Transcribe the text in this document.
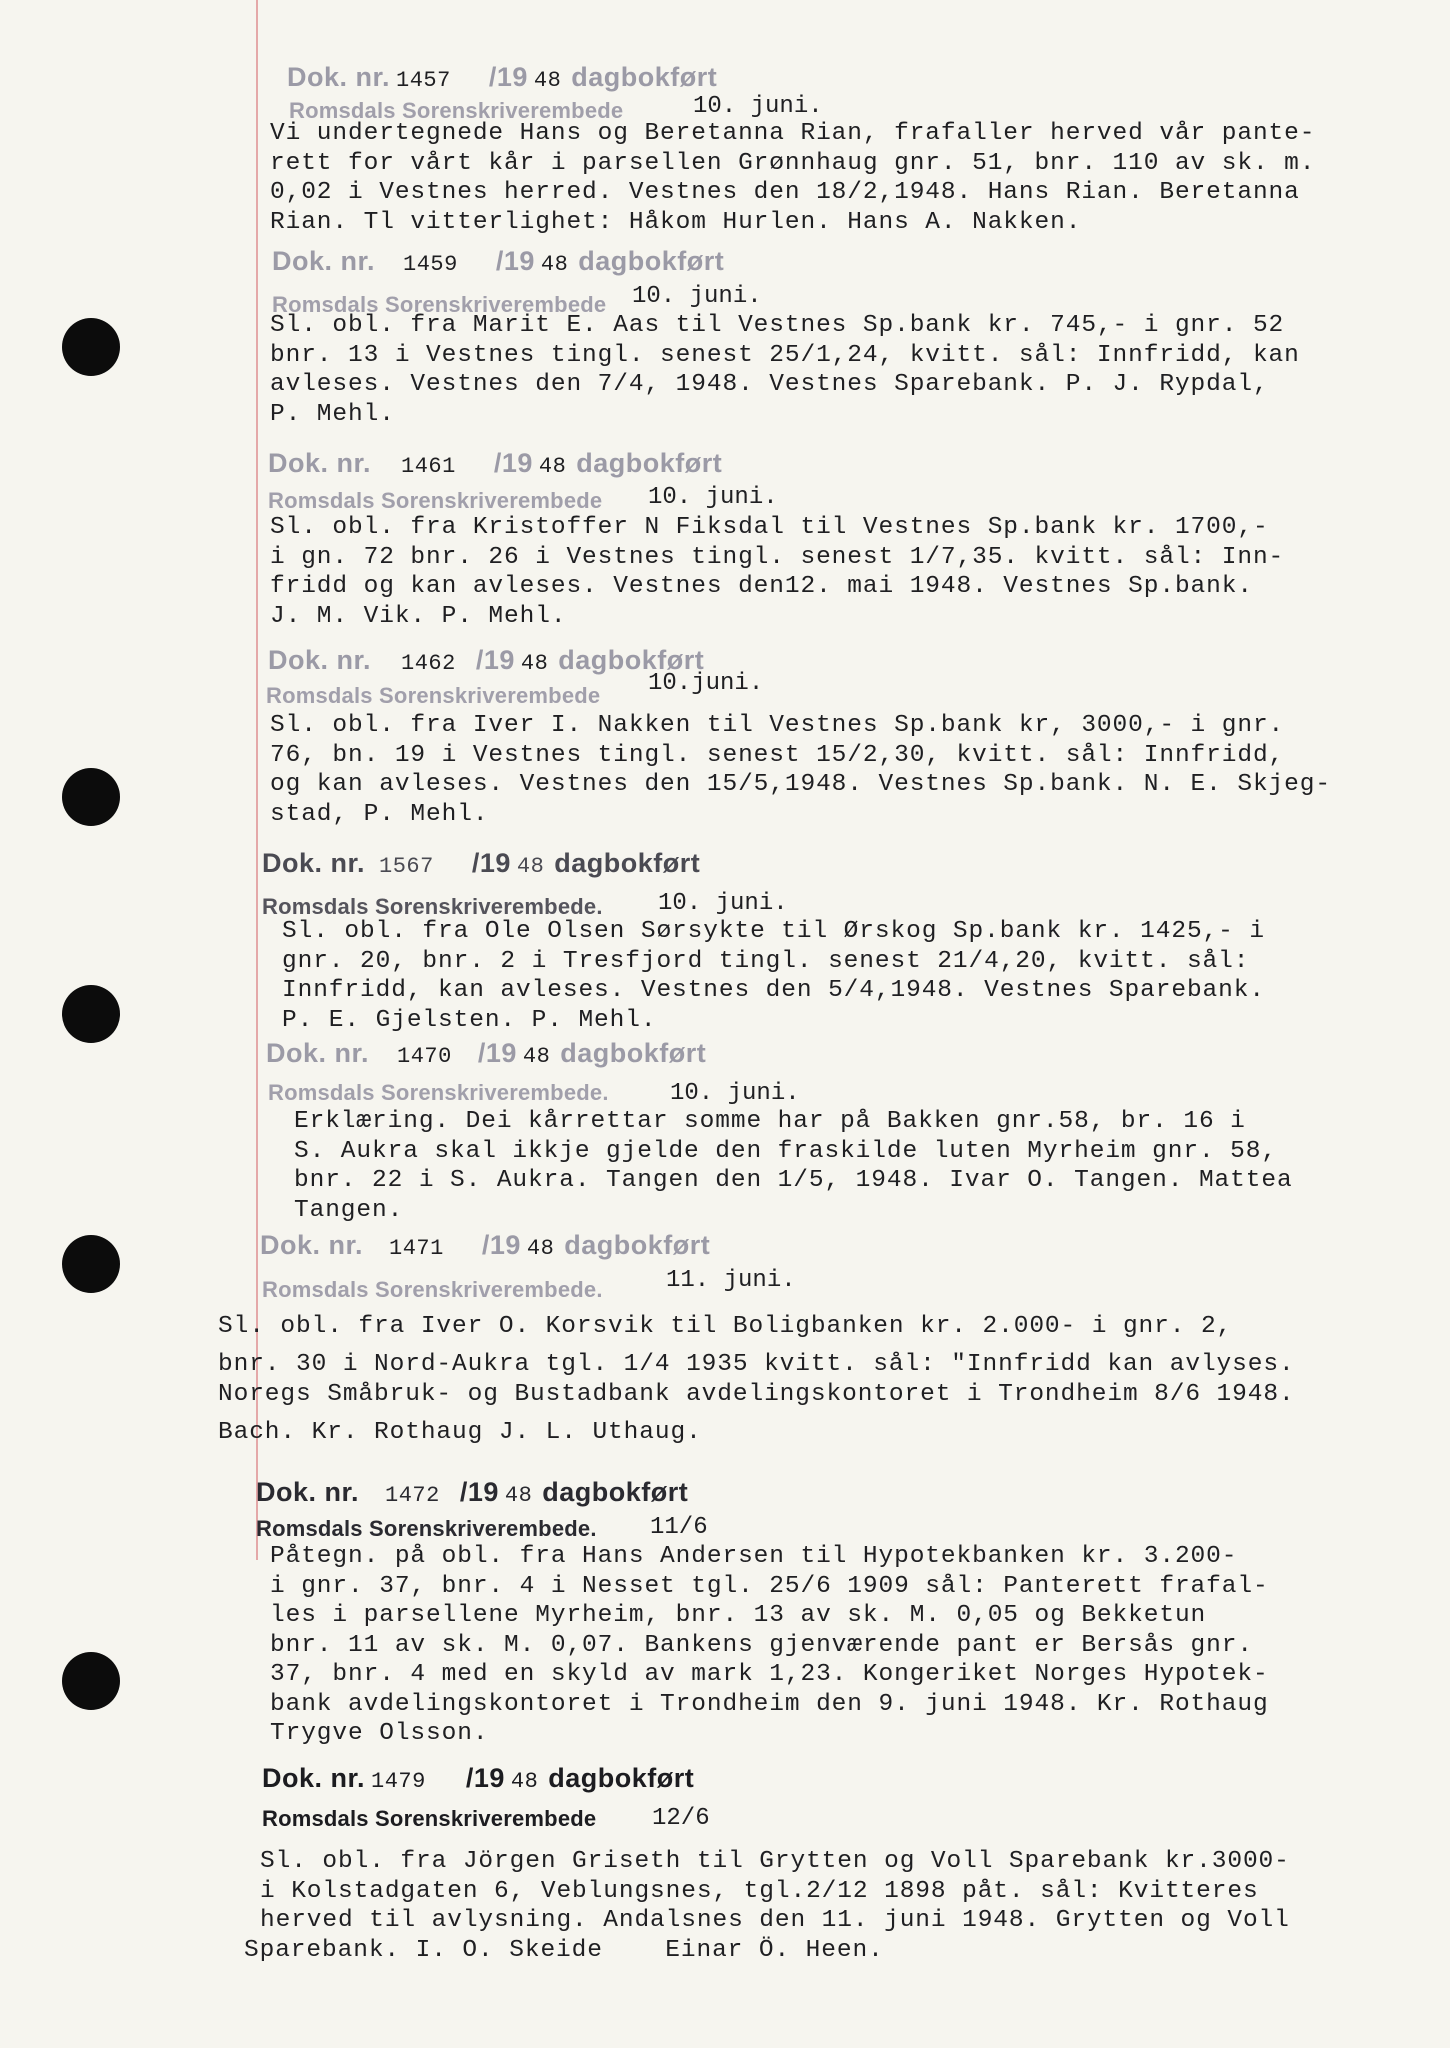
Dok. nr. 1457 /19 48 dagbokført
Romsdals Sorenskriverembede	10. juni.
Vi undertegnede Hans og Beretanna Rian, frafaller herved vår pante-
rett for vårt kår i parsellen Grønnhaug gnr. 51, bnr. 110 av sk. m.
0,02 i Vestnes herred. Vestnes den 18/2,1948. Hans Rian. Beretanna
Rian. Tl vitterlighet: Håkom Hurlen. Hans A. Nakken.
Dok. nr. 1459 /19 48 dagbokført
Romsdals Sorenskriverembede 10. juni.
Sl. obl. fra Marit E. Aas til Vestnes Sp.bank kr. 745,- i gnr. 52
bnr. 13 i Vestnes tingl. senest 25/1,24, kvitt. sål: Innfridd, kan
avleses. Vestnes den 7/4, 1948. Vestnes Sparebank. P. J. Rypdal,
P. Mehl.
Dok. nr. 1461 /19 48 dagbokført
Romsdals Sorenskriverembede 10. juni.
Sl. obl. fra Kristoffer N Fiksdal til Vestnes Sp.bank kr. 1700,-
i gn. 72 bnr. 26 i Vestnes tingl. senest 1/7,35. kvitt. sål: Inn-
fridd og kan avleses. Vestnes den12. mai 1948. Vestnes Sp.bank.
J. M. Vik. P. Mehl.
Dok. nr. 1462 /19 48 dagbokført
Romsdals Sorenskriverembede 10.juni.
Sl. obl. fra Iver I. Nakken til Vestnes Sp.bank kr, 3000,- i gnr.
76, bn. 19 i Vestnes tingl. senest 15/2,30, kvitt. sål: Innfridd,
og kan avleses. Vestnes den 15/5,1948. Vestnes Sp.bank. N. E. Skjeg-
stad, P. Mehl.
Dok. nr. 1567 /19 48 dagbokført
Romsdals Sorenskriverembede. 10. juni.
Sl. obl. fra Ole Olsen Sørsykte til Ørskog Sp.bank kr. 1425,- i
gnr. 20, bnr. 2 i Tresfjord tingl. senest 21/4,20, kvitt. sål:
Innfridd, kan avleses. Vestnes den 5/4,1948. Vestnes Sparebank.
P. E. Gjelsten. P. Mehl.
Dok. nr. 1470 /19 48 dagbokført
Romsdals Sorenskriverembede.	10. juni.
Erklæring. Dei kårrettar somme har på Bakken gnr.58, br. 16 i
S. Aukra skal ikkje gjelde den fraskilde luten Myrheim gnr. 58,
bnr. 22 i S. Aukra. Tangen den 1/5, 1948. Ivar O. Tangen. Mattea
Tangen.
Dok. nr. 1471 /19 48 dagbokført
Romsdals Sorenskriverembede.	11. juni.
Sl. obl. fra Iver O. Korsvik til Boligbanken kr. 2.000- i gnr. 2,
bnr. 30 i Nord-Aukra tgl. 1/4 1935 kvitt. sål: "Innfridd kan avlyses.
Noregs Småbruk- og Bustadbank avdelingskontoret i Trondheim 8/6 1948.
Bach. Kr. Rothaug J. L. Uthaug.
Dok. nr. 1472 /19 48 dagbokført
Romsdals Sorenskriverembede. 11/6
Påtegn. på obl. fra Hans Andersen til Hypotekbanken kr. 3.200-
i gnr. 37, bnr. 4 i Nesset tgl. 25/6 1909 sål: Panterett frafal-
les i parsellene Myrheim, bnr. 13 av sk. M. 0,05 og Bekketun
bnr. 11 av sk. M. 0,07. Bankens gjenværende pant er Bersås gnr.
37, bnr. 4 med en skyld av mark 1,23. Kongeriket Norges Hypotek-
bank avdelingskontoret i Trondheim den 9. juni 1948. Kr. Rothaug
Trygve Olsson.
Dok. nr. 1479 /19 48 dagbokført
Romsdals Sorenskriverembede 12/6
Sl. obl. fra Jörgen Griseth til Grytten og Voll Sparebank kr.3000-
i Kolstadgaten 6, Veblungsnes, tgl.2/12 1898 påt. sål: Kvitteres
herved til avlysning. Andalsnes den 11. juni 1948. Grytten og Voll
Sparebank. I. O. Skeide    Einar Ö. Heen.
